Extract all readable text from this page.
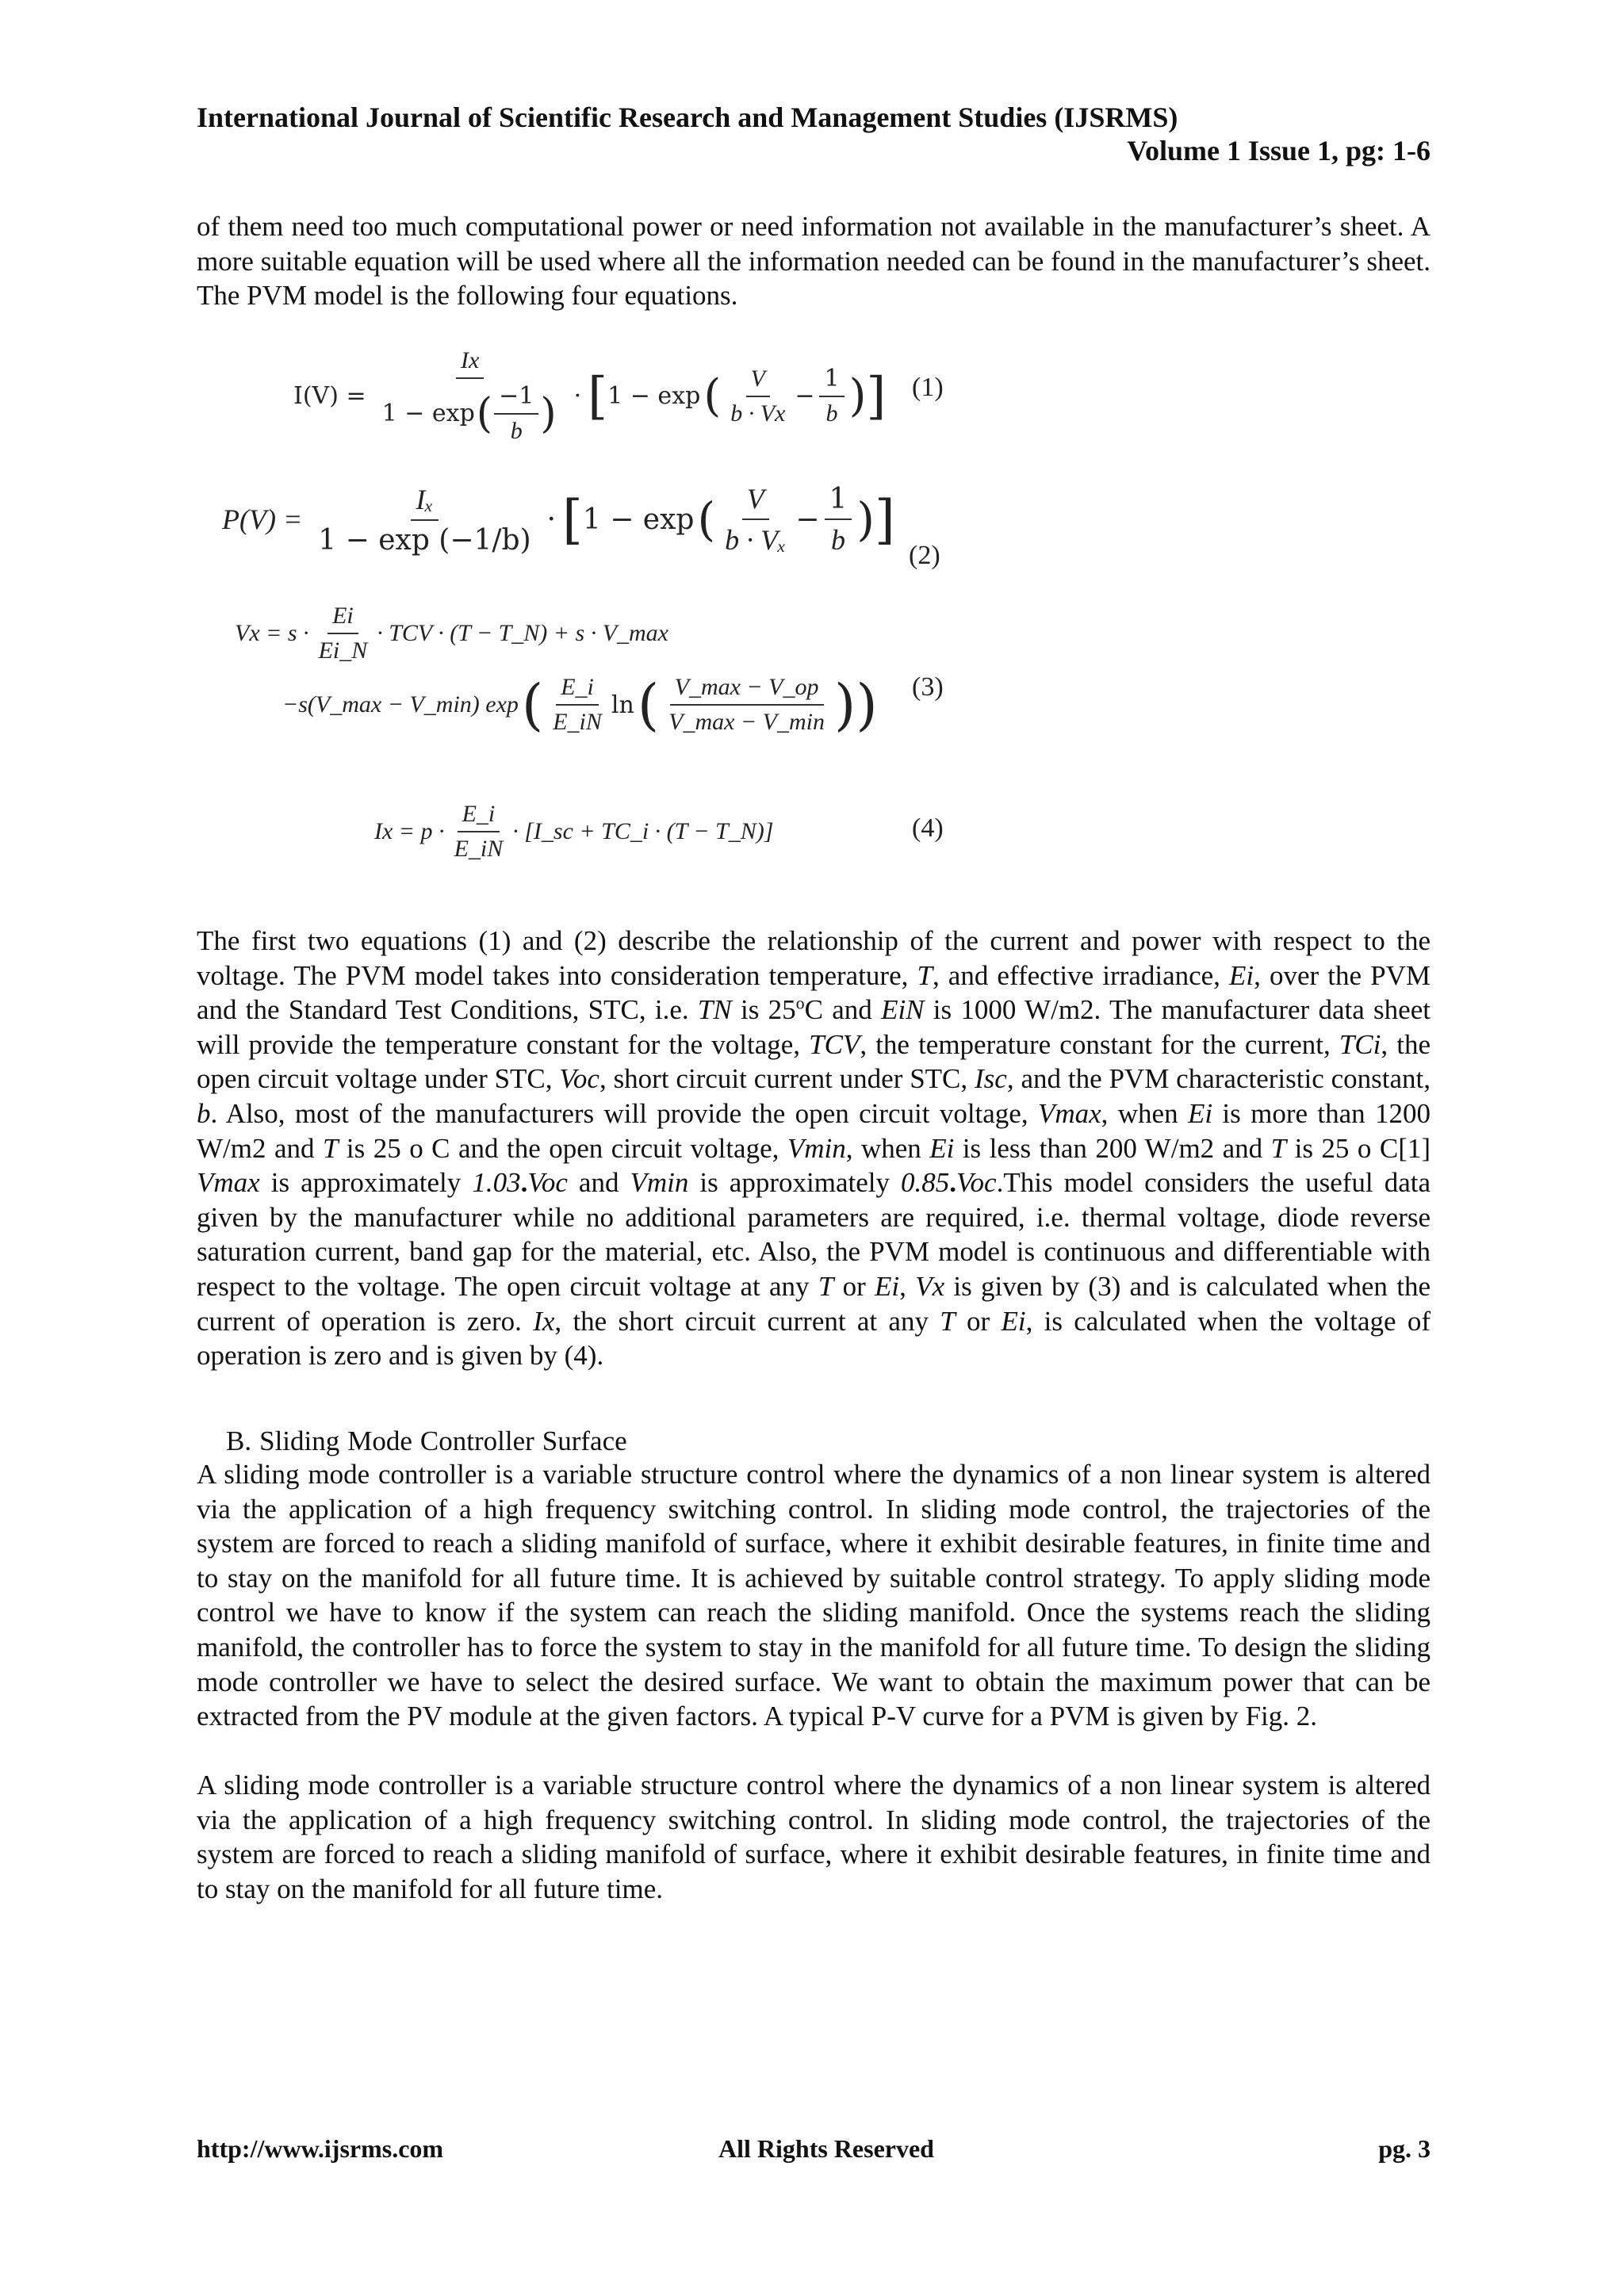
International Journal of Scientific Research and Management Studies (IJSRMS)
Volume 1 Issue 1, pg: 1-6
of them need too much computational power or need information not available in the manufacturer’s sheet. A more suitable equation will be used where all the information needed can be found in the manufacturer’s sheet. The PVM model is the following four equations.
I(V) =
Ix
1 − exp ( $\frac{-1}{b}$ ) · [ 1 − exp ( $\frac{V}{b \cdot Vx} - \frac{1}{b}$ ) ] (1)
$P(V) = \frac{\text{Iₓ}}{1 - \exp (-1/b)}$ · [ 1 − exp ( $\frac{V}{\text{b · Vₓ}} - \frac{1}{b}$ ) ]
(2)
$Vx = s \cdot \frac{Ei}{Ei\_N}$ · TCV · (T − T_N) + s · V_max
−s(V_max − V_min) exp ( $\frac{E\_i}{E\_iN}$ ln ( $\frac{V\_\max - V\_op}{V\_\max - V\_\min}$ ) ) (3)
$Ix = p \cdot \frac{E\_i}{E\_iN}$ · [I_sc + TC_i · (T − T_N)]	(4)
The first two equations (1) and (2) describe the relationship of the current and power with respect to the voltage. The PVM model takes into consideration temperature, T, and effective irradiance, Ei, over the PVM and the Standard Test Conditions, STC, i.e. TN is 25$^o$C and EiN is 1000 W/m2. The manufacturer data sheet will provide the temperature constant for the voltage, TCV, the temperature constant for the current, TCi, the open circuit voltage under STC, Voc, short circuit current under STC, Isc, and the PVM characteristic constant, b. Also, most of the manufacturers will provide the open circuit voltage, Vmax, when Ei is more than 1200 W/m2 and T is 25 o C and the open circuit voltage, Vmin, when Ei is less than 200 W/m2 and T is 25 o C[1] Vmax is approximately 1.03.Voc and Vmin is approximately 0.85.Voc.This model considers the useful data given by the manufacturer while no additional parameters are required, i.e. thermal voltage, diode reverse saturation current, band gap for the material, etc. Also, the PVM model is continuous and differentiable with respect to the voltage. The open circuit voltage at any T or Ei, Vx is given by (3) and is calculated when the current of operation is zero. Ix, the short circuit current at any T or Ei, is calculated when the voltage of operation is zero and is given by (4).
B. Sliding Mode Controller Surface
A sliding mode controller is a variable structure control where the dynamics of a non linear system is altered via the application of a high frequency switching control. In sliding mode control, the trajectories of the system are forced to reach a sliding manifold of surface, where it exhibit desirable features, in finite time and to stay on the manifold for all future time. It is achieved by suitable control strategy. To apply sliding mode control we have to know if the system can reach the sliding manifold. Once the systems reach the sliding manifold, the controller has to force the system to stay in the manifold for all future time. To design the sliding mode controller we have to select the desired surface. We want to obtain the maximum power that can be extracted from the PV module at the given factors. A typical P-V curve for a PVM is given by Fig. 2.
A sliding mode controller is a variable structure control where the dynamics of a non linear system is altered via the application of a high frequency switching control. In sliding mode control, the trajectories of the system are forced to reach a sliding manifold of surface, where it exhibit desirable features, in finite time and to stay on the manifold for all future time.
http://www.ijsrms.com	All Rights Reserved	pg. 3
